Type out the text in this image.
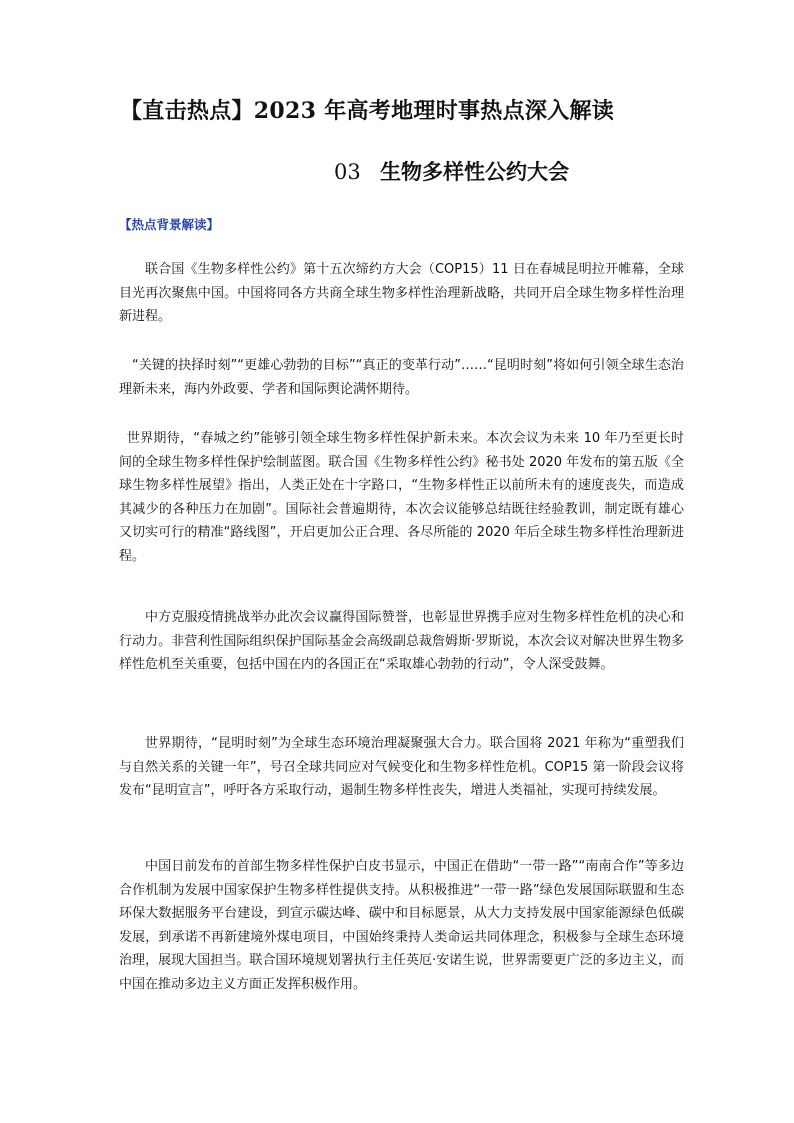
【直击热点】2023 年高考地理时事热点深入解读
03 生物多样性公约大会
【热点背景解读】

联合国《生物多样性公约》第十五次缔约方大会（COP15）11 日在春城昆明拉开帷幕，全球目光再次聚焦中国。中国将同各方共商全球生物多样性治理新战略，共同开启全球生物多样性治理新进程。

“关键的抉择时刻”“更雄心勃勃的目标”“真正的变革行动”……“昆明时刻”将如何引领全球生态治理新未来，海内外政要、学者和国际舆论满怀期待。

世界期待，“春城之约”能够引领全球生物多样性保护新未来。本次会议为未来 10 年乃至更长时间的全球生物多样性保护绘制蓝图。联合国《生物多样性公约》秘书处 2020 年发布的第五版《全球生物多样性展望》指出，人类正处在十字路口，“生物多样性正以前所未有的速度丧失，而造成其减少的各种压力在加剧”。国际社会普遍期待，本次会议能够总结既往经验教训，制定既有雄心又切实可行的精准“路线图”，开启更加公正合理、各尽所能的 2020 年后全球生物多样性治理新进程。

中方克服疫情挑战举办此次会议赢得国际赞誉，也彰显世界携手应对生物多样性危机的决心和行动力。非营利性国际组织保护国际基金会高级副总裁詹姆斯·罗斯说，本次会议对解决世界生物多样性危机至关重要，包括中国在内的各国正在“采取雄心勃勃的行动”，令人深受鼓舞。

世界期待，“昆明时刻”为全球生态环境治理凝聚强大合力。联合国将 2021 年称为“重塑我们与自然关系的关键一年”，号召全球共同应对气候变化和生物多样性危机。COP15 第一阶段会议将发布“昆明宣言”，呼吁各方采取行动，遏制生物多样性丧失，增进人类福祉，实现可持续发展。

中国日前发布的首部生物多样性保护白皮书显示，中国正在借助“一带一路”“南南合作”等多边合作机制为发展中国家保护生物多样性提供支持。从积极推进“一带一路”绿色发展国际联盟和生态环保大数据服务平台建设，到宣示碳达峰、碳中和目标愿景，从大力支持发展中国家能源绿色低碳发展，到承诺不再新建境外煤电项目，中国始终秉持人类命运共同体理念，积极参与全球生态环境治理，展现大国担当。联合国环境规划署执行主任英厄·安诺生说，世界需要更广泛的多边主义，而中国在推动多边主义方面正发挥积极作用。
